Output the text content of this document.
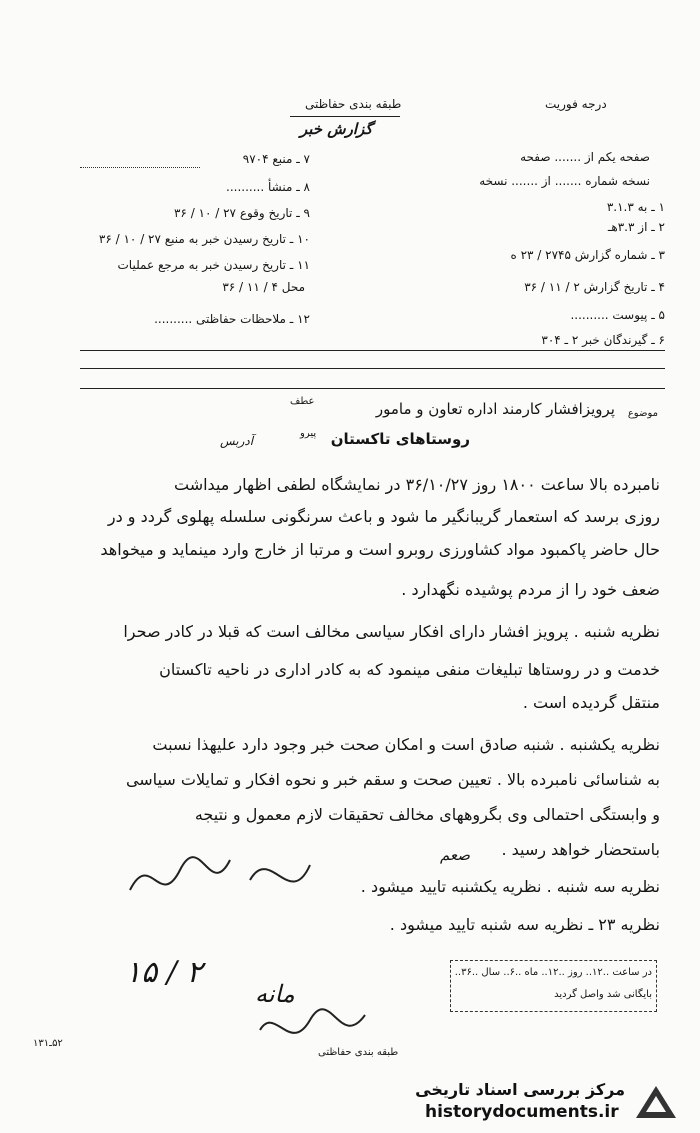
طبقه بندی حفاظتی	درجه فوریت
گزارش خبر
صفحه یکم از ....... صفحه
نسخه شماره ....... از ....... نسخه
۱ ـ به ۳.۱.۳
۲ ـ از ۳.۳هـ
۳ ـ شماره گزارش ۲۷۴۵ / ۲۳ ه
۴ ـ تاریخ گزارش ۲ / ۱۱ / ۳۶
۵ ـ پیوست ..........
۶ ـ گیرندگان خبر ۲ ـ ۳۰۴
۷ ـ منبع ۹۷۰۴
۸ ـ منشأ ..........
۹ ـ تاریخ وقوع ۲۷ / ۱۰ / ۳۶
۱۰ ـ تاریخ رسیدن خبر به منبع ۲۷ / ۱۰ / ۳۶
۱۱ ـ تاریخ رسیدن خبر به مرجع عملیات
محل ۴ / ۱۱ / ۳۶
۱۲ ـ ملاحظات حفاظتی ..........
موضوع
پرویزافشار کارمند اداره تعاون و مامور
عطف
پیرو
آدربس	روستاهای تاکستان
نامبرده بالا ساعت ۱۸۰۰ روز ۳۶/۱۰/۲۷ در نمایشگاه لطفی اظهار میداشت
روزی برسد که استعمار گریبانگیر ما شود و باعث سرنگونی سلسله پهلوی گردد و در
حال حاضر پاکمبود مواد کشاورزی روبرو است و مرتبا از خارج وارد مینماید و میخواهد
ضعف خود را از مردم پوشیده نگهدارد .
نظریه شنبه . پرویز افشار دارای افکار سیاسی مخالف است که قبلا در کادر صحرا
خدمت و در روستاها تبلیغات منفی مینمود که به کادر اداری در ناحیه تاکستان
منتقل گردیده است .
نظریه یکشنبه . شنبه صادق است و امکان صحت خبر وجود دارد علیهذا نسبت
به شناسائی نامبرده بالا . تعیین صحت و سقم خبر و نحوه افکار و تمایلات سیاسی
و وابستگی احتمالی وی بگروههای مخالف تحقیقات لازم معمول و نتیجه
باستحضار خواهد رسید .
نظریه سه شنبه . نظریه یکشنبه تایید میشود .
نظریه ۲۳ ـ نظریه سه شنبه تایید میشود .
۲ / ۱۵
صعم
مانه
در ساعت ..۱۲.. روز ..۱۲.. ماه ..۶.. سال ..۳۶..
بایگانی شد واصل گردید
طبقه بندی حفاظتی
۵۲ـ۱۳۱
مرکز بررسی اسناد تاریخی
historydocuments.ir
